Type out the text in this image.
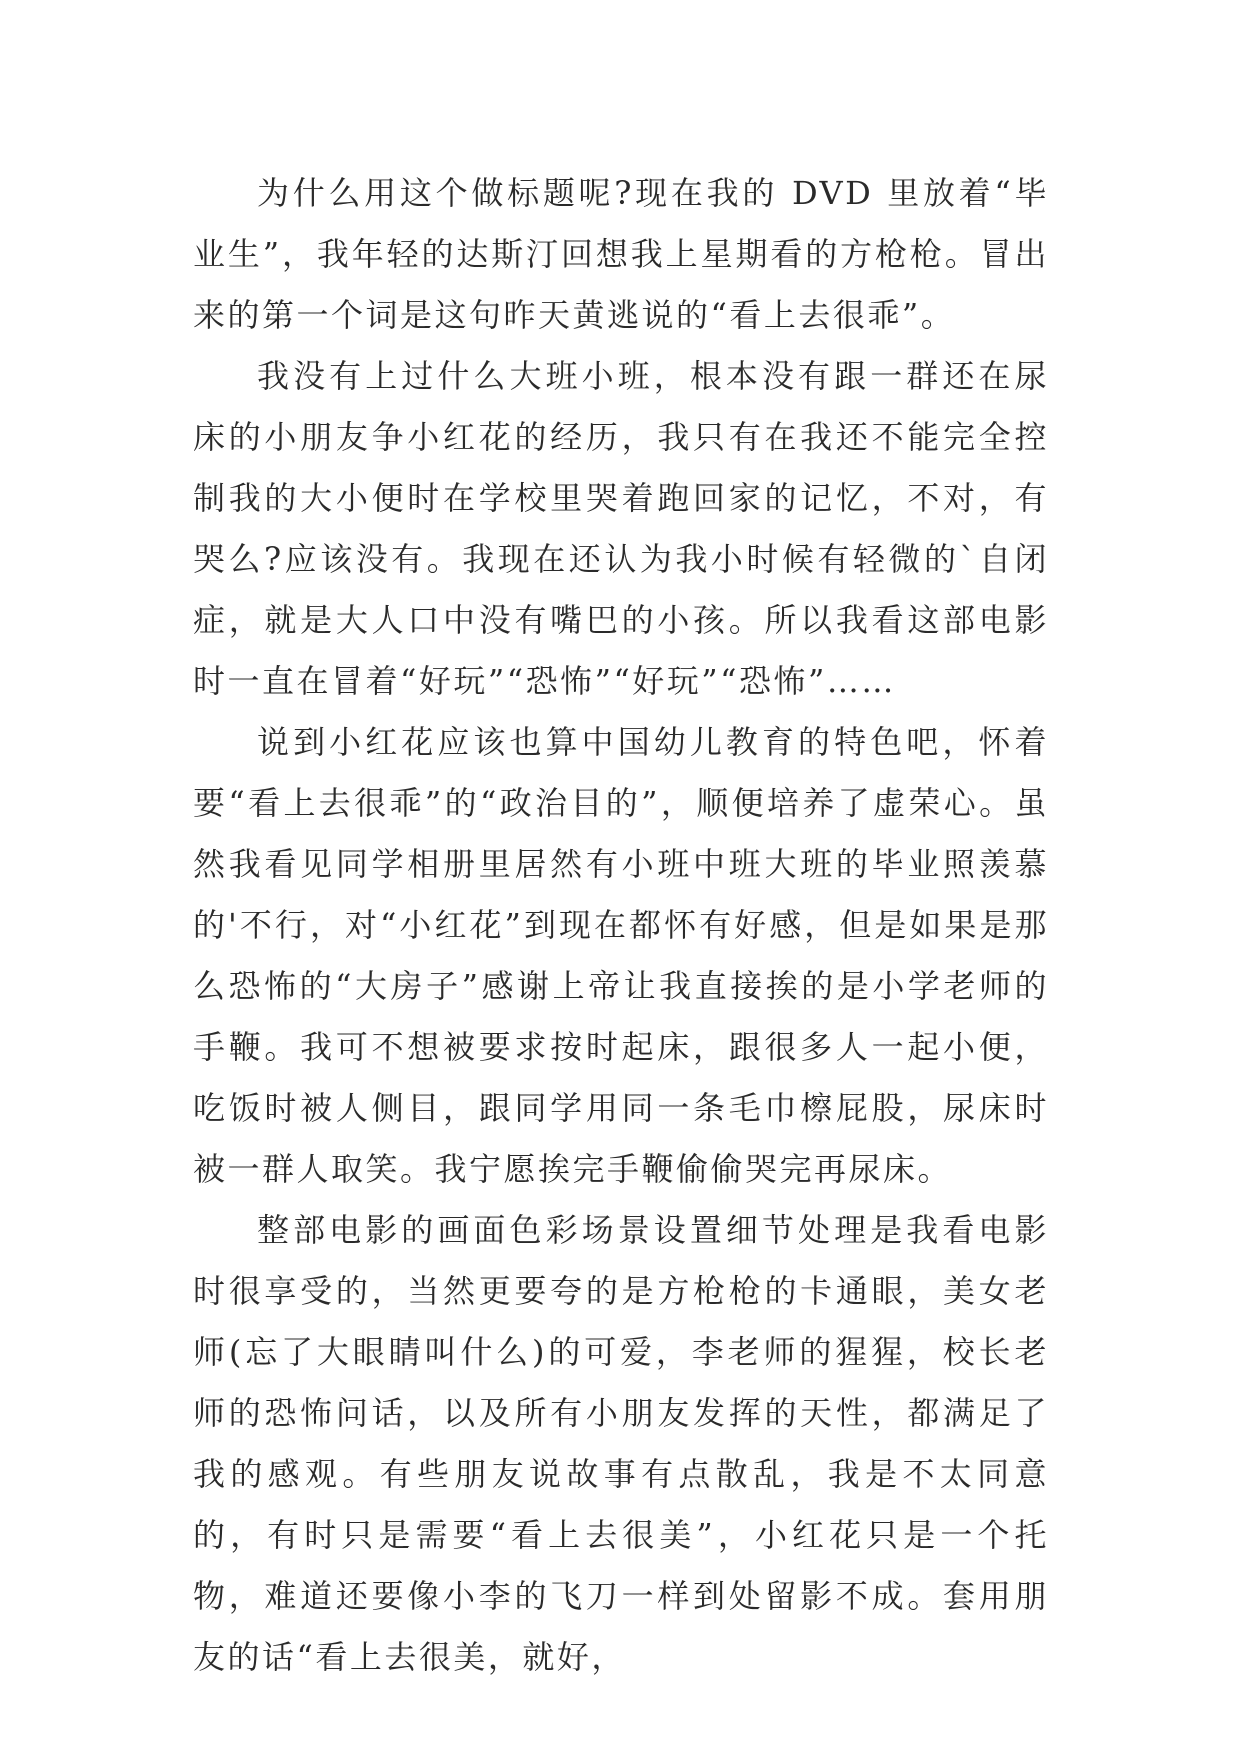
为什么用这个做标题呢?现在我的 DVD 里放着“毕业生”，我年轻的达斯汀回想我上星期看的方枪枪。冒出来的第一个词是这句昨天黄逃说的“看上去很乖”。

我没有上过什么大班小班，根本没有跟一群还在尿床的小朋友争小红花的经历，我只有在我还不能完全控制我的大小便时在学校里哭着跑回家的记忆，不对，有哭么?应该没有。我现在还认为我小时候有轻微的`自闭症，就是大人口中没有嘴巴的小孩。所以我看这部电影时一直在冒着“好玩”“恐怖”“好玩”“恐怖”……

说到小红花应该也算中国幼儿教育的特色吧，怀着要“看上去很乖”的“政治目的”，顺便培养了虚荣心。虽然我看见同学相册里居然有小班中班大班的毕业照羡慕的'不行，对“小红花”到现在都怀有好感，但是如果是那么恐怖的“大房子”感谢上帝让我直接挨的是小学老师的手鞭。我可不想被要求按时起床，跟很多人一起小便，吃饭时被人侧目，跟同学用同一条毛巾檫屁股，尿床时被一群人取笑。我宁愿挨完手鞭偷偷哭完再尿床。

整部电影的画面色彩场景设置细节处理是我看电影时很享受的，当然更要夸的是方枪枪的卡通眼，美女老师(忘了大眼睛叫什么)的可爱，李老师的猩猩，校长老师的恐怖问话，以及所有小朋友发挥的天性，都满足了我的感观。有些朋友说故事有点散乱，我是不太同意的，有时只是需要“看上去很美”，小红花只是一个托物，难道还要像小李的飞刀一样到处留影不成。套用朋友的话“看上去很美，就好，
